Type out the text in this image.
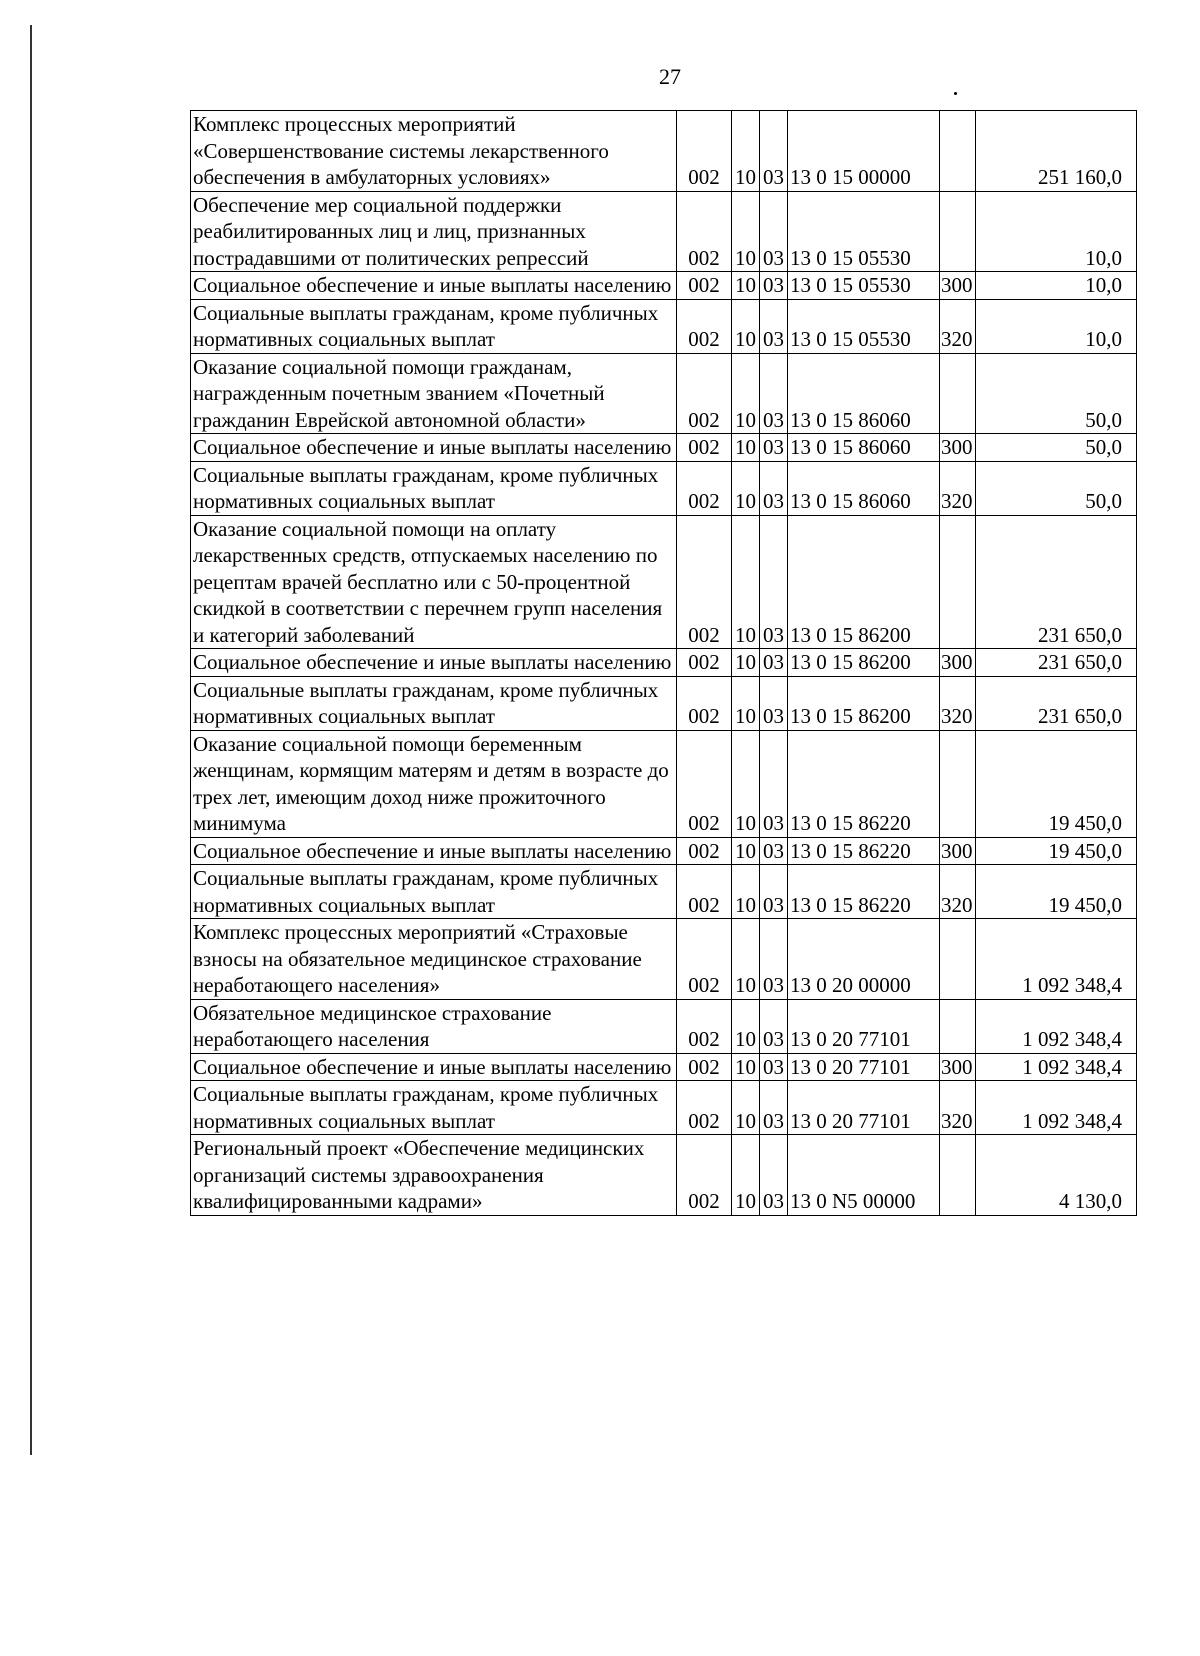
27
Комплекс процессных мероприятий «Совершенствование системы лекарственного обеспечения в амбулаторных условиях»	002	10	03	13 0 15 00000		251 160,0
Обеспечение мер социальной поддержки реабилитированных лиц и лиц, признанных пострадавшими от политических репрессий	002	10	03	13 0 15 05530		10,0
Социальное обеспечение и иные выплаты населению	002	10	03	13 0 15 05530	300	10,0
Социальные выплаты гражданам, кроме публичных нормативных социальных выплат	002	10	03	13 0 15 05530	320	10,0
Оказание социальной помощи гражданам, награжденным почетным званием «Почетный гражданин Еврейской автономной области»	002	10	03	13 0 15 86060		50,0
Социальное обеспечение и иные выплаты населению	002	10	03	13 0 15 86060	300	50,0
Социальные выплаты гражданам, кроме публичных нормативных социальных выплат	002	10	03	13 0 15 86060	320	50,0
Оказание социальной помощи на оплату лекарственных средств, отпускаемых населению по рецептам врачей бесплатно или с 50-процентной скидкой в соответствии с перечнем групп населения и категорий заболеваний	002	10	03	13 0 15 86200		231 650,0
Социальное обеспечение и иные выплаты населению	002	10	03	13 0 15 86200	300	231 650,0
Социальные выплаты гражданам, кроме публичных нормативных социальных выплат	002	10	03	13 0 15 86200	320	231 650,0
Оказание социальной помощи беременным женщинам, кормящим матерям и детям в возрасте до трех лет, имеющим доход ниже прожиточного минимума	002	10	03	13 0 15 86220		19 450,0
Социальное обеспечение и иные выплаты населению	002	10	03	13 0 15 86220	300	19 450,0
Социальные выплаты гражданам, кроме публичных нормативных социальных выплат	002	10	03	13 0 15 86220	320	19 450,0
Комплекс процессных мероприятий «Страховые взносы на обязательное медицинское страхование неработающего населения»	002	10	03	13 0 20 00000		1 092 348,4
Обязательное медицинское страхование неработающего населения	002	10	03	13 0 20 77101		1 092 348,4
Социальное обеспечение и иные выплаты населению	002	10	03	13 0 20 77101	300	1 092 348,4
Социальные выплаты гражданам, кроме публичных нормативных социальных выплат	002	10	03	13 0 20 77101	320	1 092 348,4
Региональный проект «Обеспечение медицинских организаций системы здравоохранения квалифицированными кадрами»	002	10	03	13 0 N5 00000		4 130,0
